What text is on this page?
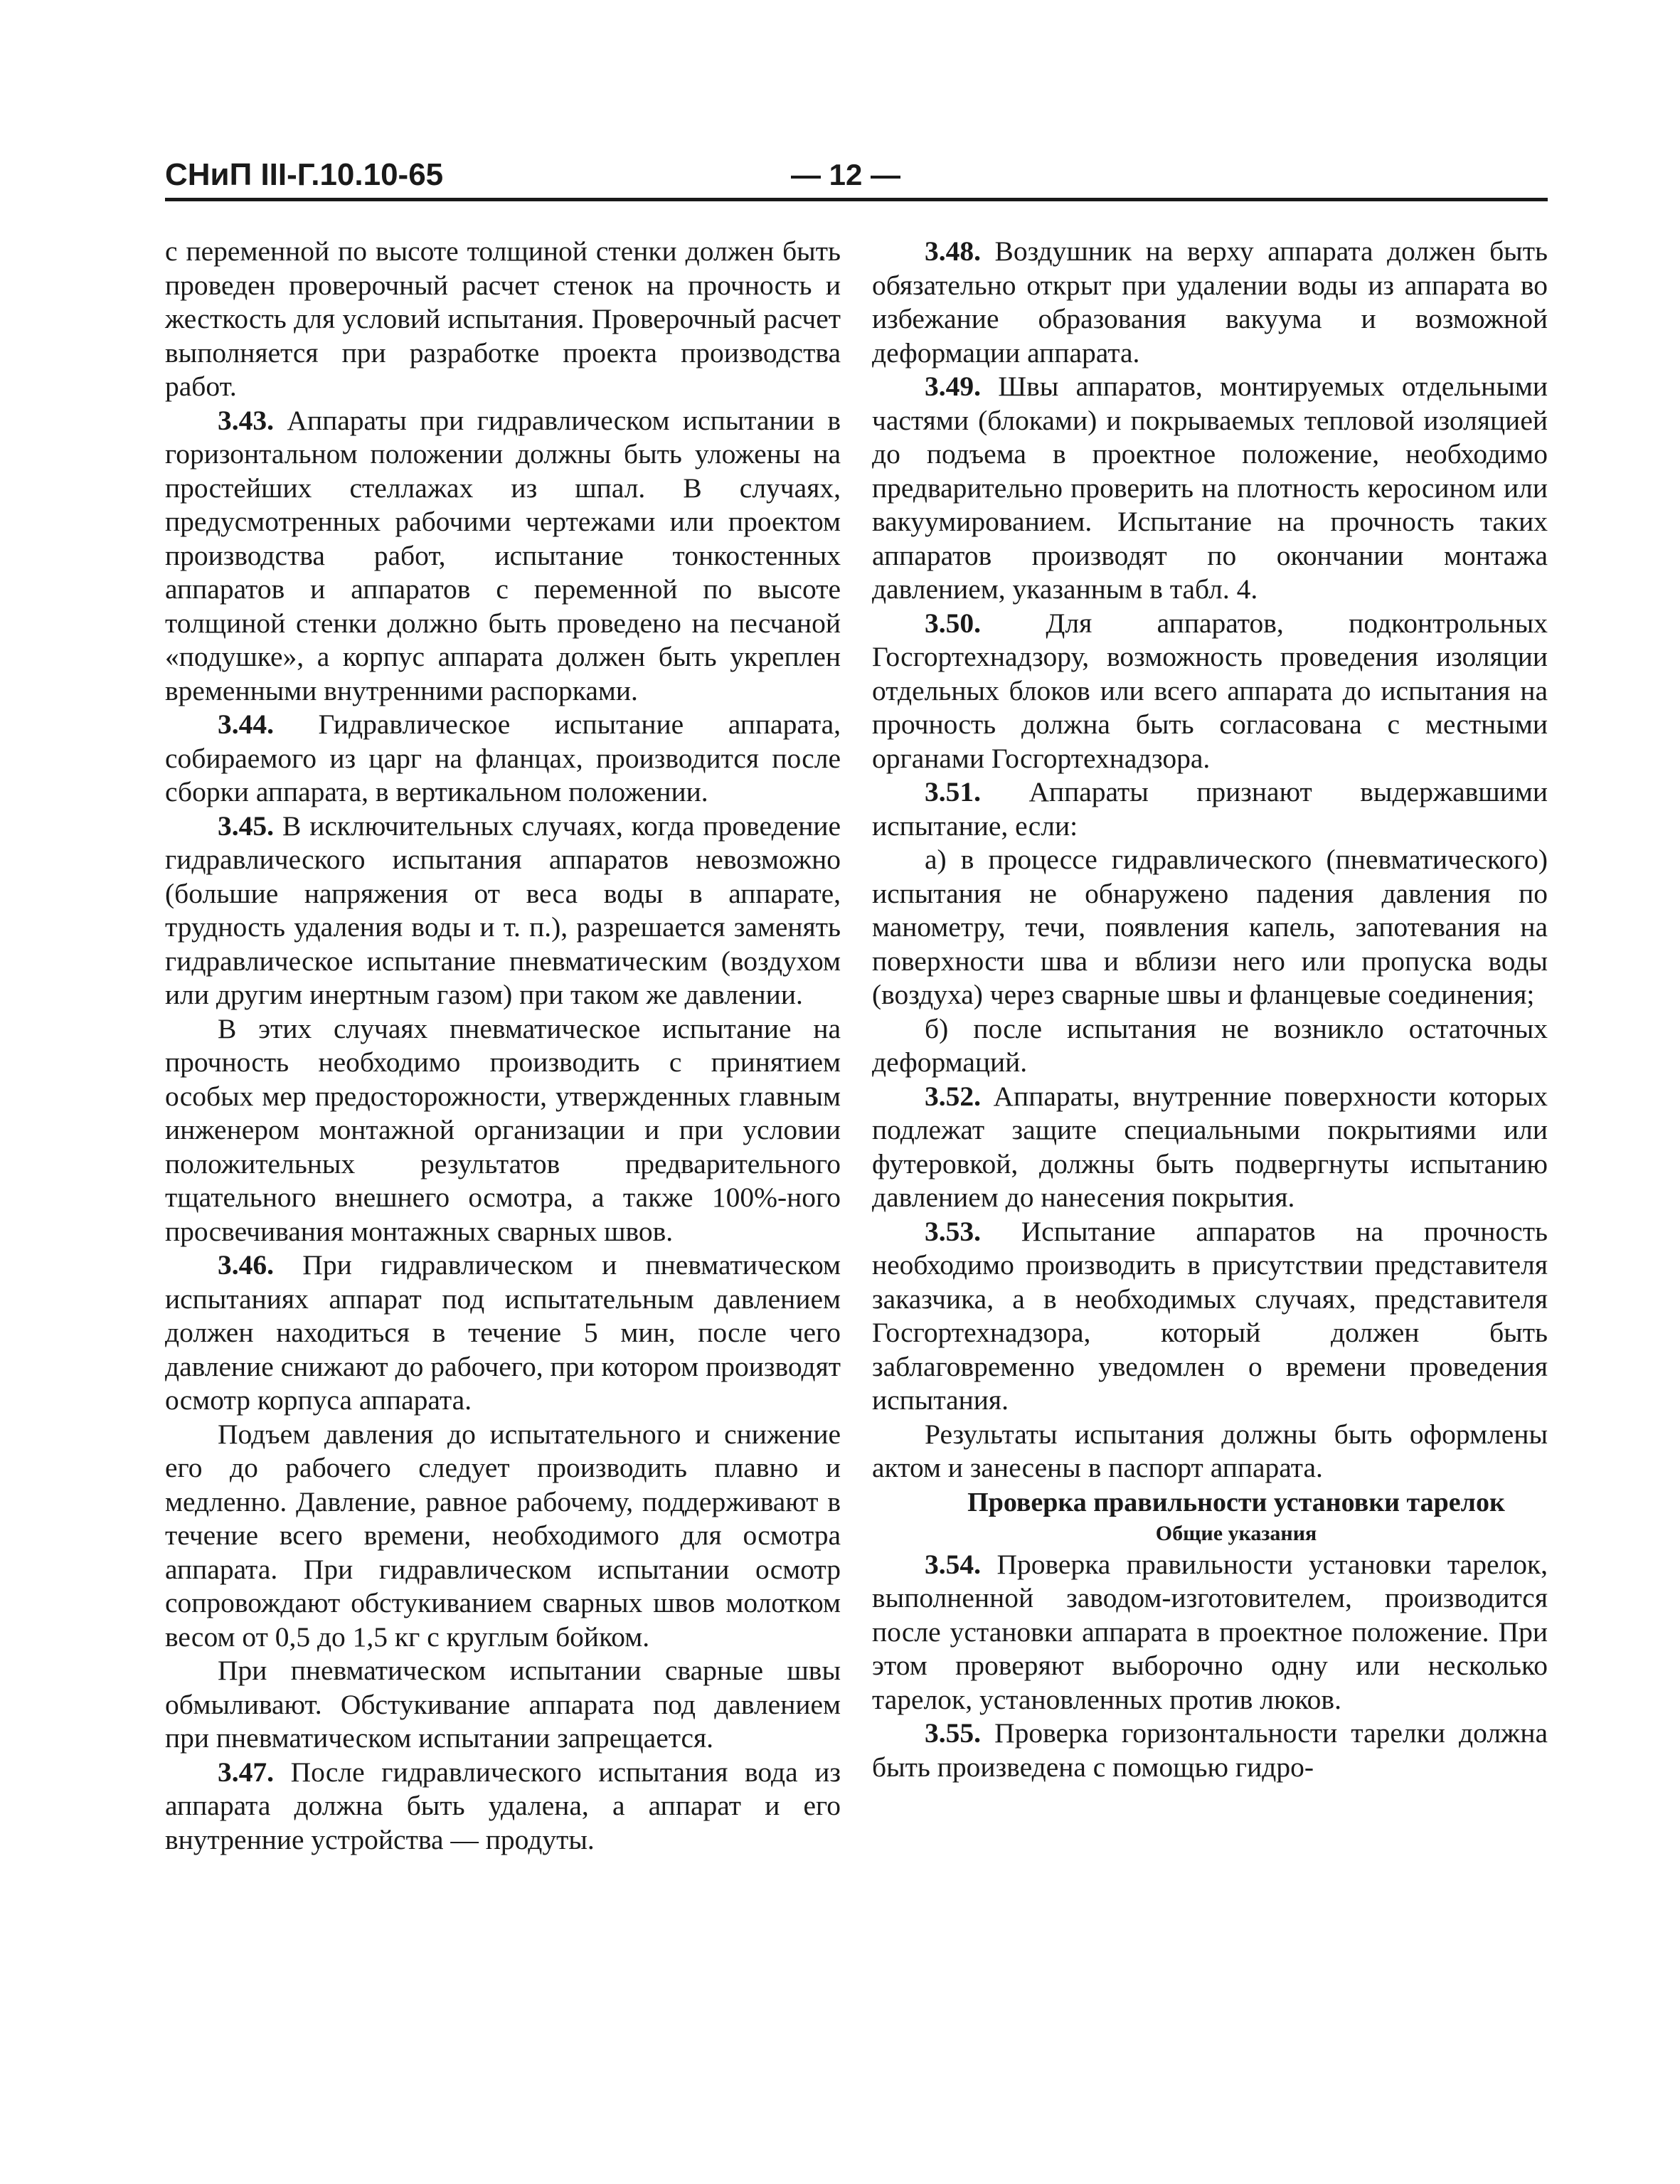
СНиП III-Г.10.10-65	— 12 —

с переменной по высоте толщиной стенки должен быть проведен проверочный расчет стенок на прочность и жесткость для условий испытания. Проверочный расчет выполняется при разработке проекта производства работ.

3.43. Аппараты при гидравлическом испытании в горизонтальном положении должны быть уложены на простейших стеллажах из шпал. В случаях, предусмотренных рабочими чертежами или проектом производства работ, испытание тонкостенных аппаратов и аппаратов с переменной по высоте толщиной стенки должно быть проведено на песчаной «подушке», а корпус аппарата должен быть укреплен временными внутренними распорками.

3.44. Гидравлическое испытание аппарата, собираемого из царг на фланцах, производится после сборки аппарата, в вертикальном положении.

3.45. В исключительных случаях, когда проведение гидравлического испытания аппаратов невозможно (большие напряжения от веса воды в аппарате, трудность удаления воды и т. п.), разрешается заменять гидравлическое испытание пневматическим (воздухом или другим инертным газом) при таком же давлении.

В этих случаях пневматическое испытание на прочность необходимо производить с принятием особых мер предосторожности, утвержденных главным инженером монтажной организации и при условии положительных результатов предварительного тщательного внешнего осмотра, а также 100%-ного просвечивания монтажных сварных швов.

3.46. При гидравлическом и пневматическом испытаниях аппарат под испытательным давлением должен находиться в течение 5 мин, после чего давление снижают до рабочего, при котором производят осмотр корпуса аппарата.

Подъем давления до испытательного и снижение его до рабочего следует производить плавно и медленно. Давление, равное рабочему, поддерживают в течение всего времени, необходимого для осмотра аппарата. При гидравлическом испытании осмотр сопровождают обстукиванием сварных швов молотком весом от 0,5 до 1,5 кг с круглым бойком.

При пневматическом испытании сварные швы обмыливают. Обстукивание аппарата под давлением при пневматическом испытании запрещается.

3.47. После гидравлического испытания вода из аппарата должна быть удалена, а аппарат и его внутренние устройства — продуты.

3.48. Воздушник на верху аппарата должен быть обязательно открыт при удалении воды из аппарата во избежание образования вакуума и возможной деформации аппарата.

3.49. Швы аппаратов, монтируемых отдельными частями (блоками) и покрываемых тепловой изоляцией до подъема в проектное положение, необходимо предварительно проверить на плотность керосином или вакуумированием. Испытание на прочность таких аппаратов производят по окончании монтажа давлением, указанным в табл. 4.

3.50. Для аппаратов, подконтрольных Госгортехнадзору, возможность проведения изоляции отдельных блоков или всего аппарата до испытания на прочность должна быть согласована с местными органами Госгортехнадзора.

3.51. Аппараты признают выдержавшими испытание, если:

а) в процессе гидравлического (пневматического) испытания не обнаружено падения давления по манометру, течи, появления капель, запотевания на поверхности шва и вблизи него или пропуска воды (воздуха) через сварные швы и фланцевые соединения;

б) после испытания не возникло остаточных деформаций.

3.52. Аппараты, внутренние поверхности которых подлежат защите специальными покрытиями или футеровкой, должны быть подвергнуты испытанию давлением до нанесения покрытия.

3.53. Испытание аппаратов на прочность необходимо производить в присутствии представителя заказчика, а в необходимых случаях, представителя Госгортехнадзора, который должен быть заблаговременно уведомлен о времени проведения испытания.

Результаты испытания должны быть оформлены актом и занесены в паспорт аппарата.

Проверка правильности установки тарелок

Общие указания

3.54. Проверка правильности установки тарелок, выполненной заводом-изготовителем, производится после установки аппарата в проектное положение. При этом проверяют выборочно одну или несколько тарелок, установленных против люков.

3.55. Проверка горизонтальности тарелки должна быть произведена с помощью гидро-
